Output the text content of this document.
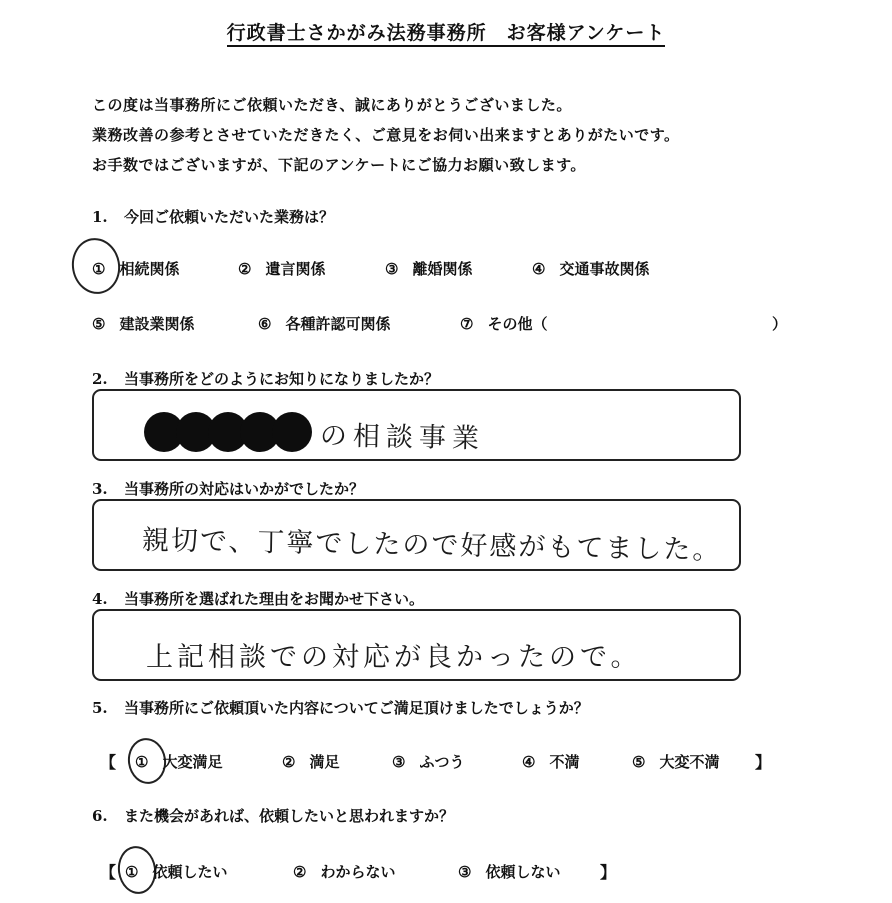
行政書士さかがみ法務事務所　お客様アンケート
この度は当事務所にご依頼いただき、誠にありがとうございました。
業務改善の参考とさせていただきたく、ご意見をお伺い出来ますとありがたいです。
お手数ではございますが、下記のアンケートにご協力お願い致します。
1. 今回ご依頼いただいた業務は？
① 相続関係	② 遺言関係	③ 離婚関係	④ 交通事故関係
⑤ 建設業関係	⑥ 各種許認可関係	⑦ その他（	）
2. 当事務所をどのようにお知りになりましたか？
の相談事業
3. 当事務所の対応はいかがでしたか？
親切で、丁寧でしたので好感がもてました。
4. 当事務所を選ばれた理由をお聞かせ下さい。
上記相談での対応が良かったので。
5. 当事務所にご依頼頂いた内容についてご満足頂けましたでしょうか？
【 ① 大変満足	② 満足	③ ふつう	④ 不満	⑤ 大変不満 】
6. また機会があれば、依頼したいと思われますか？
【 ① 依頼したい	② わからない	③ 依頼しない 】
